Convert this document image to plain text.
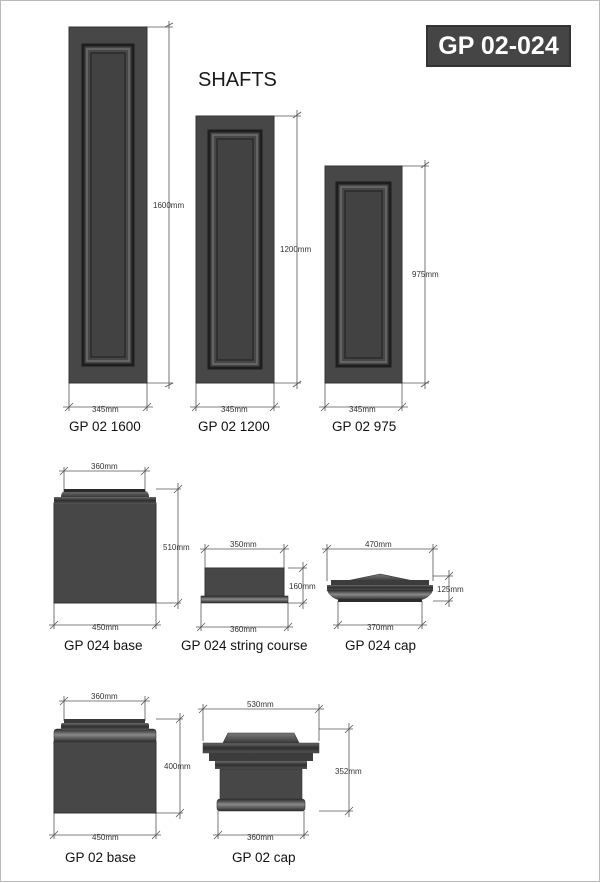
GP 02-024
SHAFTS
1600mm
345mm
1200mm
345mm
975mm
345mm
360mm
510mm
450mm
350mm
160mm
360mm
470mm
125mm
370mm
360mm
400mm
450mm
530mm
352mm
360mm
GP 02 1600	GP 02 1200	GP 02 975
GP 024 base	GP 024 string course	GP 024 cap
GP 02 base	GP 02 cap
